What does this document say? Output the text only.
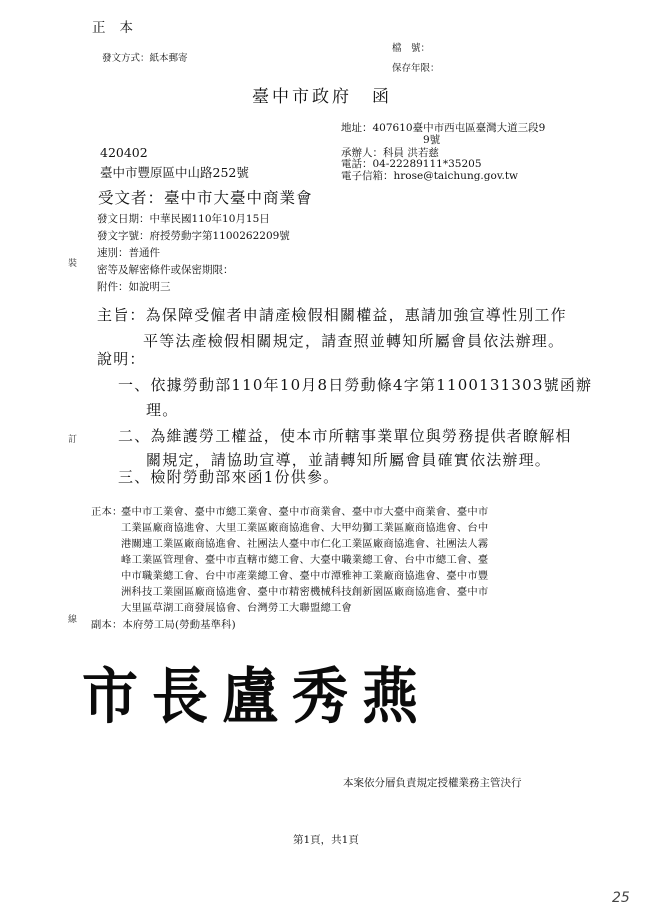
正本
發文方式：紙本郵寄
檔　號：
保存年限：
臺中市政府　函
地址：407610臺中市西屯區臺灣大道三段9
9號
承辦人：科員 洪若慈
電話：04-22289111*35205
電子信箱：hrose@taichung.gov.tw
420402
臺中市豐原區中山路252號
受文者：臺中市大臺中商業會
發文日期：中華民國110年10月15日
發文字號：府授勞動字第1100262209號
速別：普通件
密等及解密條件或保密期限：
附件：如說明三
主旨：為保障受僱者申請產檢假相關權益，惠請加強宣導性別工作
平等法產檢假相關規定，請查照並轉知所屬會員依法辦理。
說明：
一、依據勞動部110年10月8日勞動條4字第1100131303號函辦
理。
二、為維護勞工權益，使本市所轄事業單位與勞務提供者瞭解相
關規定，請協助宣導，並請轉知所屬會員確實依法辦理。
三、檢附勞動部來函1份供參。
正本：
臺中市工業會、臺中市總工業會、臺中市商業會、臺中市大臺中商業會、臺中市
工業區廠商協進會、大里工業區廠商協進會、大甲幼獅工業區廠商協進會、台中
港關連工業區廠商協進會、社團法人臺中市仁化工業區廠商協進會、社團法人霧
峰工業區管理會、臺中市直轄市總工會、大臺中職業總工會、台中市總工會、臺
中市職業總工會、台中市產業總工會、臺中市潭雅神工業廠商協進會、臺中市豐
洲科技工業園區廠商協進會、臺中市精密機械科技創新園區廠商協進會、臺中市
大里區草湖工商發展協會、台灣勞工大聯盟總工會
副本：本府勞工局(勞動基準科)
市長盧秀燕
本案依分層負責規定授權業務主管決行
第1頁，共1頁
裝
訂
線
25
